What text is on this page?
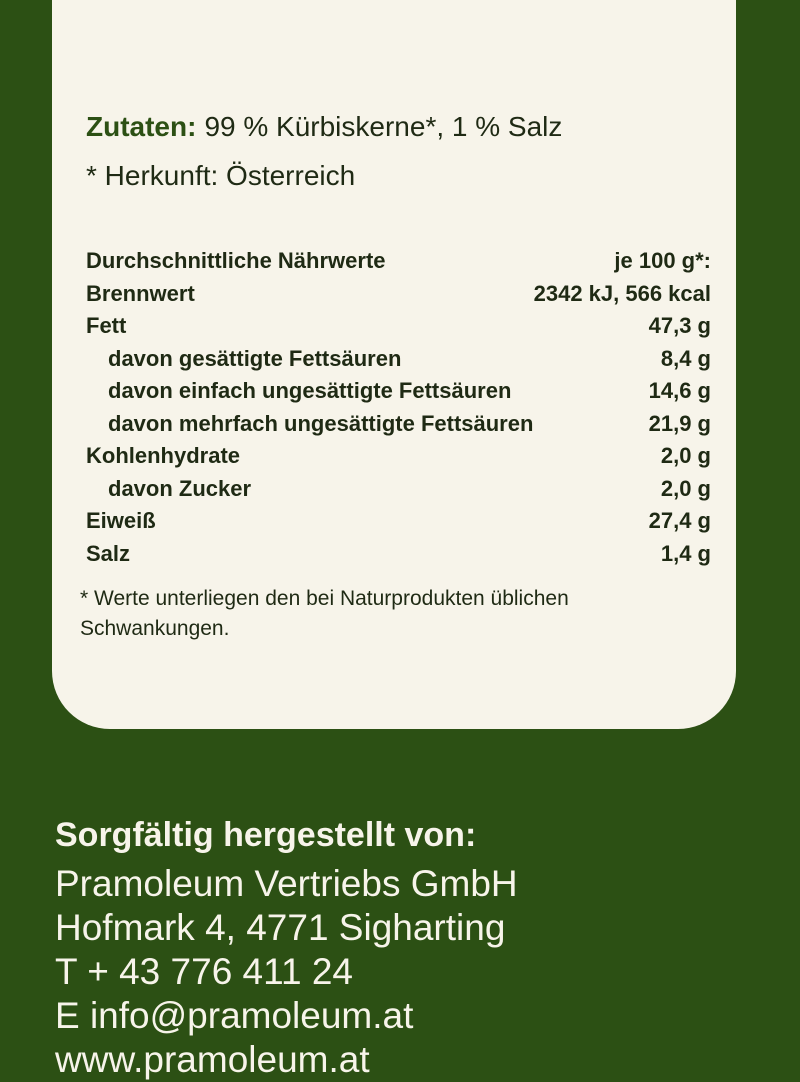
Zutaten: 99 % Kürbiskerne*, 1 % Salz
* Herkunft: Österreich
Durchschnittliche Nährwerte	je 100 g*:
Brennwert	2342 kJ, 566 kcal
Fett	47,3 g
davon gesättigte Fettsäuren	8,4 g
davon einfach ungesättigte Fettsäuren	14,6 g
davon mehrfach ungesättigte Fettsäuren	21,9 g
Kohlenhydrate	2,0 g
davon Zucker	2,0 g
Eiweiß	27,4 g
Salz	1,4 g
* Werte unterliegen den bei Naturprodukten üblichen Schwankungen.
Sorgfältig hergestellt von:
Pramoleum Vertriebs GmbH
Hofmark 4, 4771 Sigharting
T + 43 776 411 24
E info@pramoleum.at
www.pramoleum.at
